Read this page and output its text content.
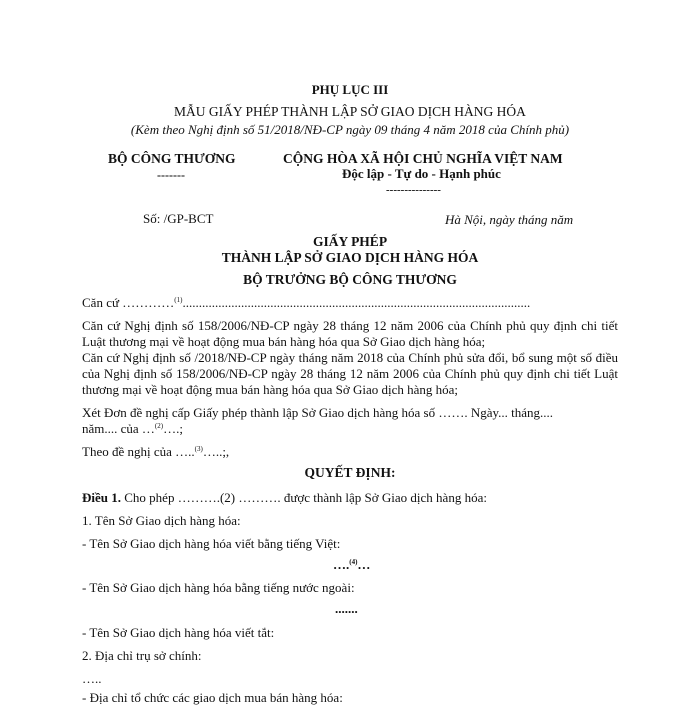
PHỤ LỤC III
MẪU GIẤY PHÉP THÀNH LẬP SỞ GIAO DỊCH HÀNG HÓA
(Kèm theo Nghị định số 51/2018/NĐ-CP ngày 09 tháng 4 năm 2018 của Chính phủ)
BỘ CÔNG THƯƠNG
-------
CỘNG HÒA XÃ HỘI CHỦ NGHĨA VIỆT NAM
Độc lập - Tự do - Hạnh phúc
---------------
Số: /GP-BCT	Hà Nội, ngày tháng năm
GIẤY PHÉP
THÀNH LẬP SỞ GIAO DỊCH HÀNG HÓA
BỘ TRƯỞNG BỘ CÔNG THƯƠNG
Căn cứ …………$^{(1)}$...........................................................................................................
Căn cứ Nghị định số 158/2006/NĐ-CP ngày 28 tháng 12 năm 2006 của Chính phủ quy định chi tiết Luật thương mại về hoạt động mua bán hàng hóa qua Sở Giao dịch hàng hóa;
Căn cứ Nghị định số /2018/NĐ-CP ngày tháng năm 2018 của Chính phủ sửa đổi, bổ sung một số điều của Nghị định số 158/2006/NĐ-CP ngày 28 tháng 12 năm 2006 của Chính phủ quy định chi tiết Luật thương mại về hoạt động mua bán hàng hóa qua Sở Giao dịch hàng hóa;
Xét Đơn đề nghị cấp Giấy phép thành lập Sở Giao dịch hàng hóa số ……. Ngày... tháng....
năm.... của …$^{(2)}$….;
Theo đề nghị của …..$^{(3)}$…..;,
QUYẾT ĐỊNH:
Điều 1. Cho phép ……….(2) ………. được thành lập Sở Giao dịch hàng hóa:
1. Tên Sở Giao dịch hàng hóa:
- Tên Sở Giao dịch hàng hóa viết bằng tiếng Việt:
….$^{(4)}$…
- Tên Sở Giao dịch hàng hóa bằng tiếng nước ngoài:
.......
- Tên Sở Giao dịch hàng hóa viết tắt:
2. Địa chỉ trụ sở chính:
…..
- Địa chỉ tổ chức các giao dịch mua bán hàng hóa:
